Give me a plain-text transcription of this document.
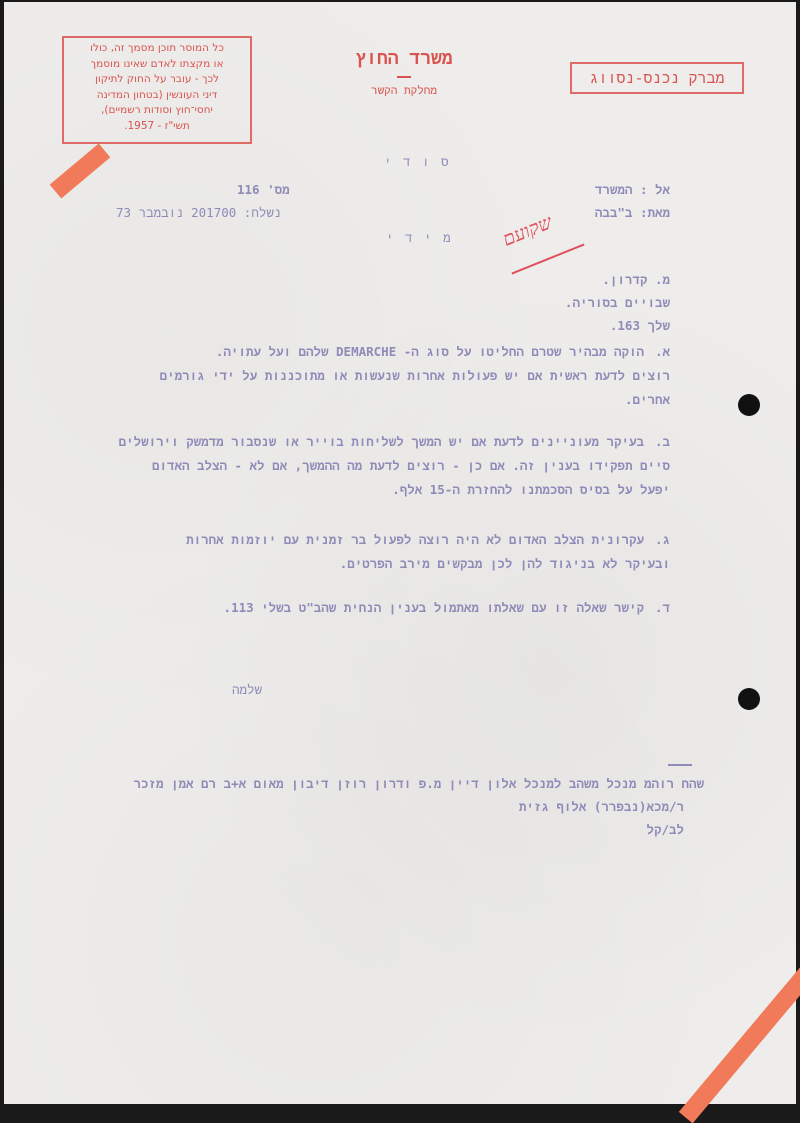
כל המוסר תוכן מסמך זה, כולו
או מקצתו לאדם שאינו מוסמך
לכך - עובר על החוק לתיקון
דיני העונשין (בטחון המדינה
יחסי־חוץ וסודות רשמיים),
תשי"ז - 1957.
משרד החוץ
מחלקת הקשר
מברק נכנס-נסווג
ס ו ד י
אל : המשרד
מאת: ב"בבה
מס' 116
נשלח: 201700 נובמבר 73
מ י ד י שקועם
מ. קדרון.
שבויים בסוריה.
שלך 163.
א.
הוקה מבהיר שטרם החליטו על סוג ה- DEMARCHE שלהם ועל עתויה.
רוצים לדעת ראשית אם יש פעולות אחרות שנעשות או מתוכננות על ידי גורמים
אחרים.
ב.
בעיקר מעוניינים לדעת אם יש המשך לשליחות בוייר או שנסבור מדמשק וירושלים
סיים תפקידו בענין זה. אם כן - רוצים לדעת מה ההמשך, אם לא - הצלב האדום
יפעל על בסיס הסכמתנו להחזרת ה-15 אלף.
ג.
עקרונית הצלב האדום לא היה רוצה לפעול בר זמנית עם יוזמות אחרות
ובעיקר לא בניגוד להן לכן מבקשים מירב הפרטים.
ד.
קישר שאלה זו עם שאלתו מאתמול בענין הנחית שהב"ט בשלי 113.
שלמה
שהח רוהמ מנכל משהב למנכל אלון דיין מ.פ ודרון רוזן דיבון מאום א+ב רם אמן מזכר
ר/מכא(נבפרר) אלוף גזית
לב/קל
